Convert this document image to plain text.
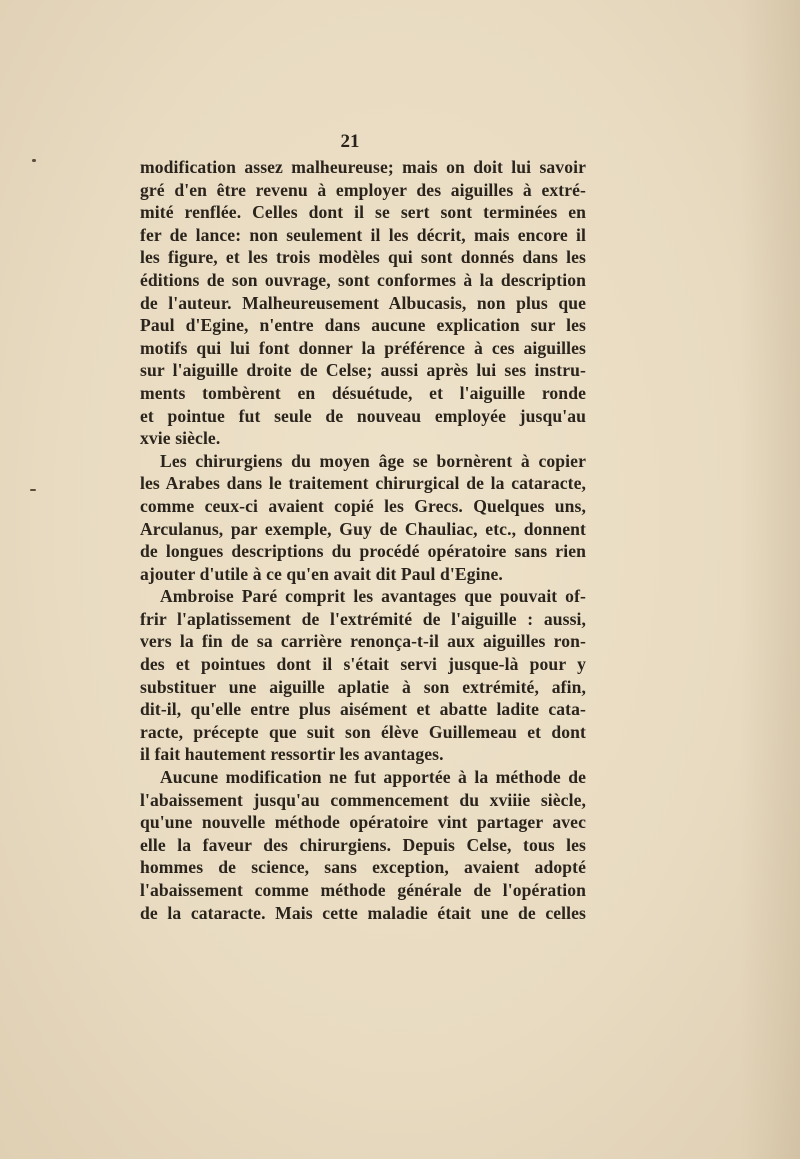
21
modification assez malheureuse; mais on doit lui savoir
gré d'en être revenu à employer des aiguilles à extré-
mité renflée. Celles dont il se sert sont terminées en
fer de lance: non seulement il les décrit, mais encore il
les figure, et les trois modèles qui sont donnés dans les
éditions de son ouvrage, sont conformes à la description
de l'auteur. Malheureusement Albucasis, non plus que
Paul d'Egine, n'entre dans aucune explication sur les
motifs qui lui font donner la préférence à ces aiguilles
sur l'aiguille droite de Celse; aussi après lui ses instru-
ments tombèrent en désuétude, et l'aiguille ronde
et pointue fut seule de nouveau employée jusqu'au
xvie siècle.
Les chirurgiens du moyen âge se bornèrent à copier
les Arabes dans le traitement chirurgical de la cataracte,
comme ceux-ci avaient copié les Grecs. Quelques uns,
Arculanus, par exemple, Guy de Chauliac, etc., donnent
de longues descriptions du procédé opératoire sans rien
ajouter d'utile à ce qu'en avait dit Paul d'Egine.
Ambroise Paré comprit les avantages que pouvait of-
frir l'aplatissement de l'extrémité de l'aiguille : aussi,
vers la fin de sa carrière renonça-t-il aux aiguilles ron-
des et pointues dont il s'était servi jusque-là pour y
substituer une aiguille aplatie à son extrémité, afin,
dit-il, qu'elle entre plus aisément et abatte ladite cata-
racte, précepte que suit son élève Guillemeau et dont
il fait hautement ressortir les avantages.
Aucune modification ne fut apportée à la méthode de
l'abaissement jusqu'au commencement du xviiie siècle,
qu'une nouvelle méthode opératoire vint partager avec
elle la faveur des chirurgiens. Depuis Celse, tous les
hommes de science, sans exception, avaient adopté
l'abaissement comme méthode générale de l'opération
de la cataracte. Mais cette maladie était une de celles
